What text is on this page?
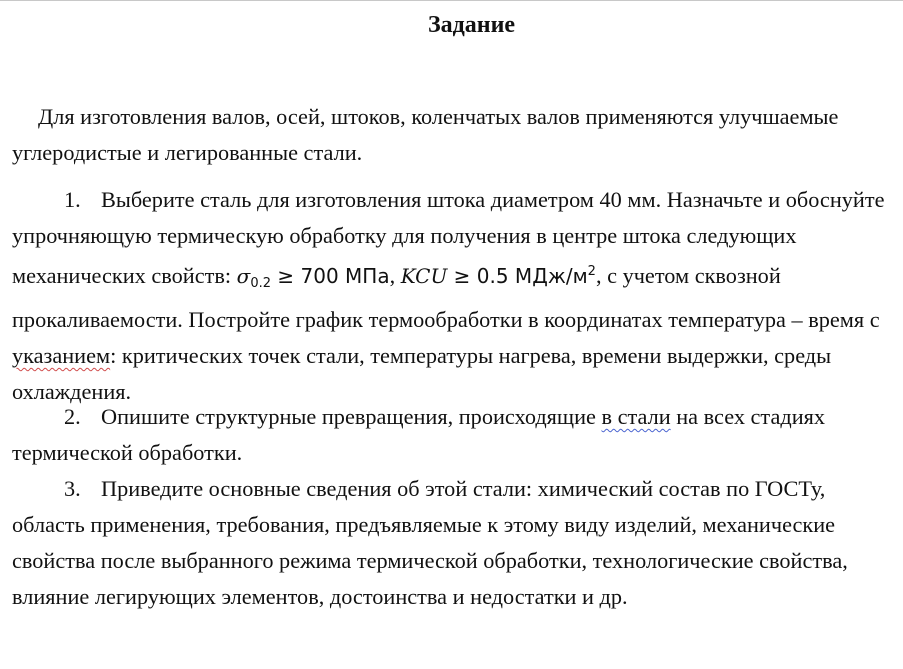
Задание

Для изготовления валов, осей, штоков, коленчатых валов применяются улучшаемые углеродистые и легированные стали.

1. Выберите сталь для изготовления штока диаметром 40 мм. Назначьте и обоснуйте упрочняющую термическую обработку для получения в центре штока следующих механических свойств: $\sigma_{0.2} \ge 700$ МПа, KCU ≥ 0.5 МДж/$м^2$, с учетом сквозной прокаливаемости. Постройте график термообработки в координатах температура – время с указанием: критических точек стали, температуры нагрева, времени выдержки, среды охлаждения.

2. Опишите структурные превращения, происходящие в стали на всех стадиях термической обработки.

3. Приведите основные сведения об этой стали: химический состав по ГОСТу, область применения, требования, предъявляемые к этому виду изделий, механические свойства после выбранного режима термической обработки, технологические свойства, влияние легирующих элементов, достоинства и недостатки и др.
